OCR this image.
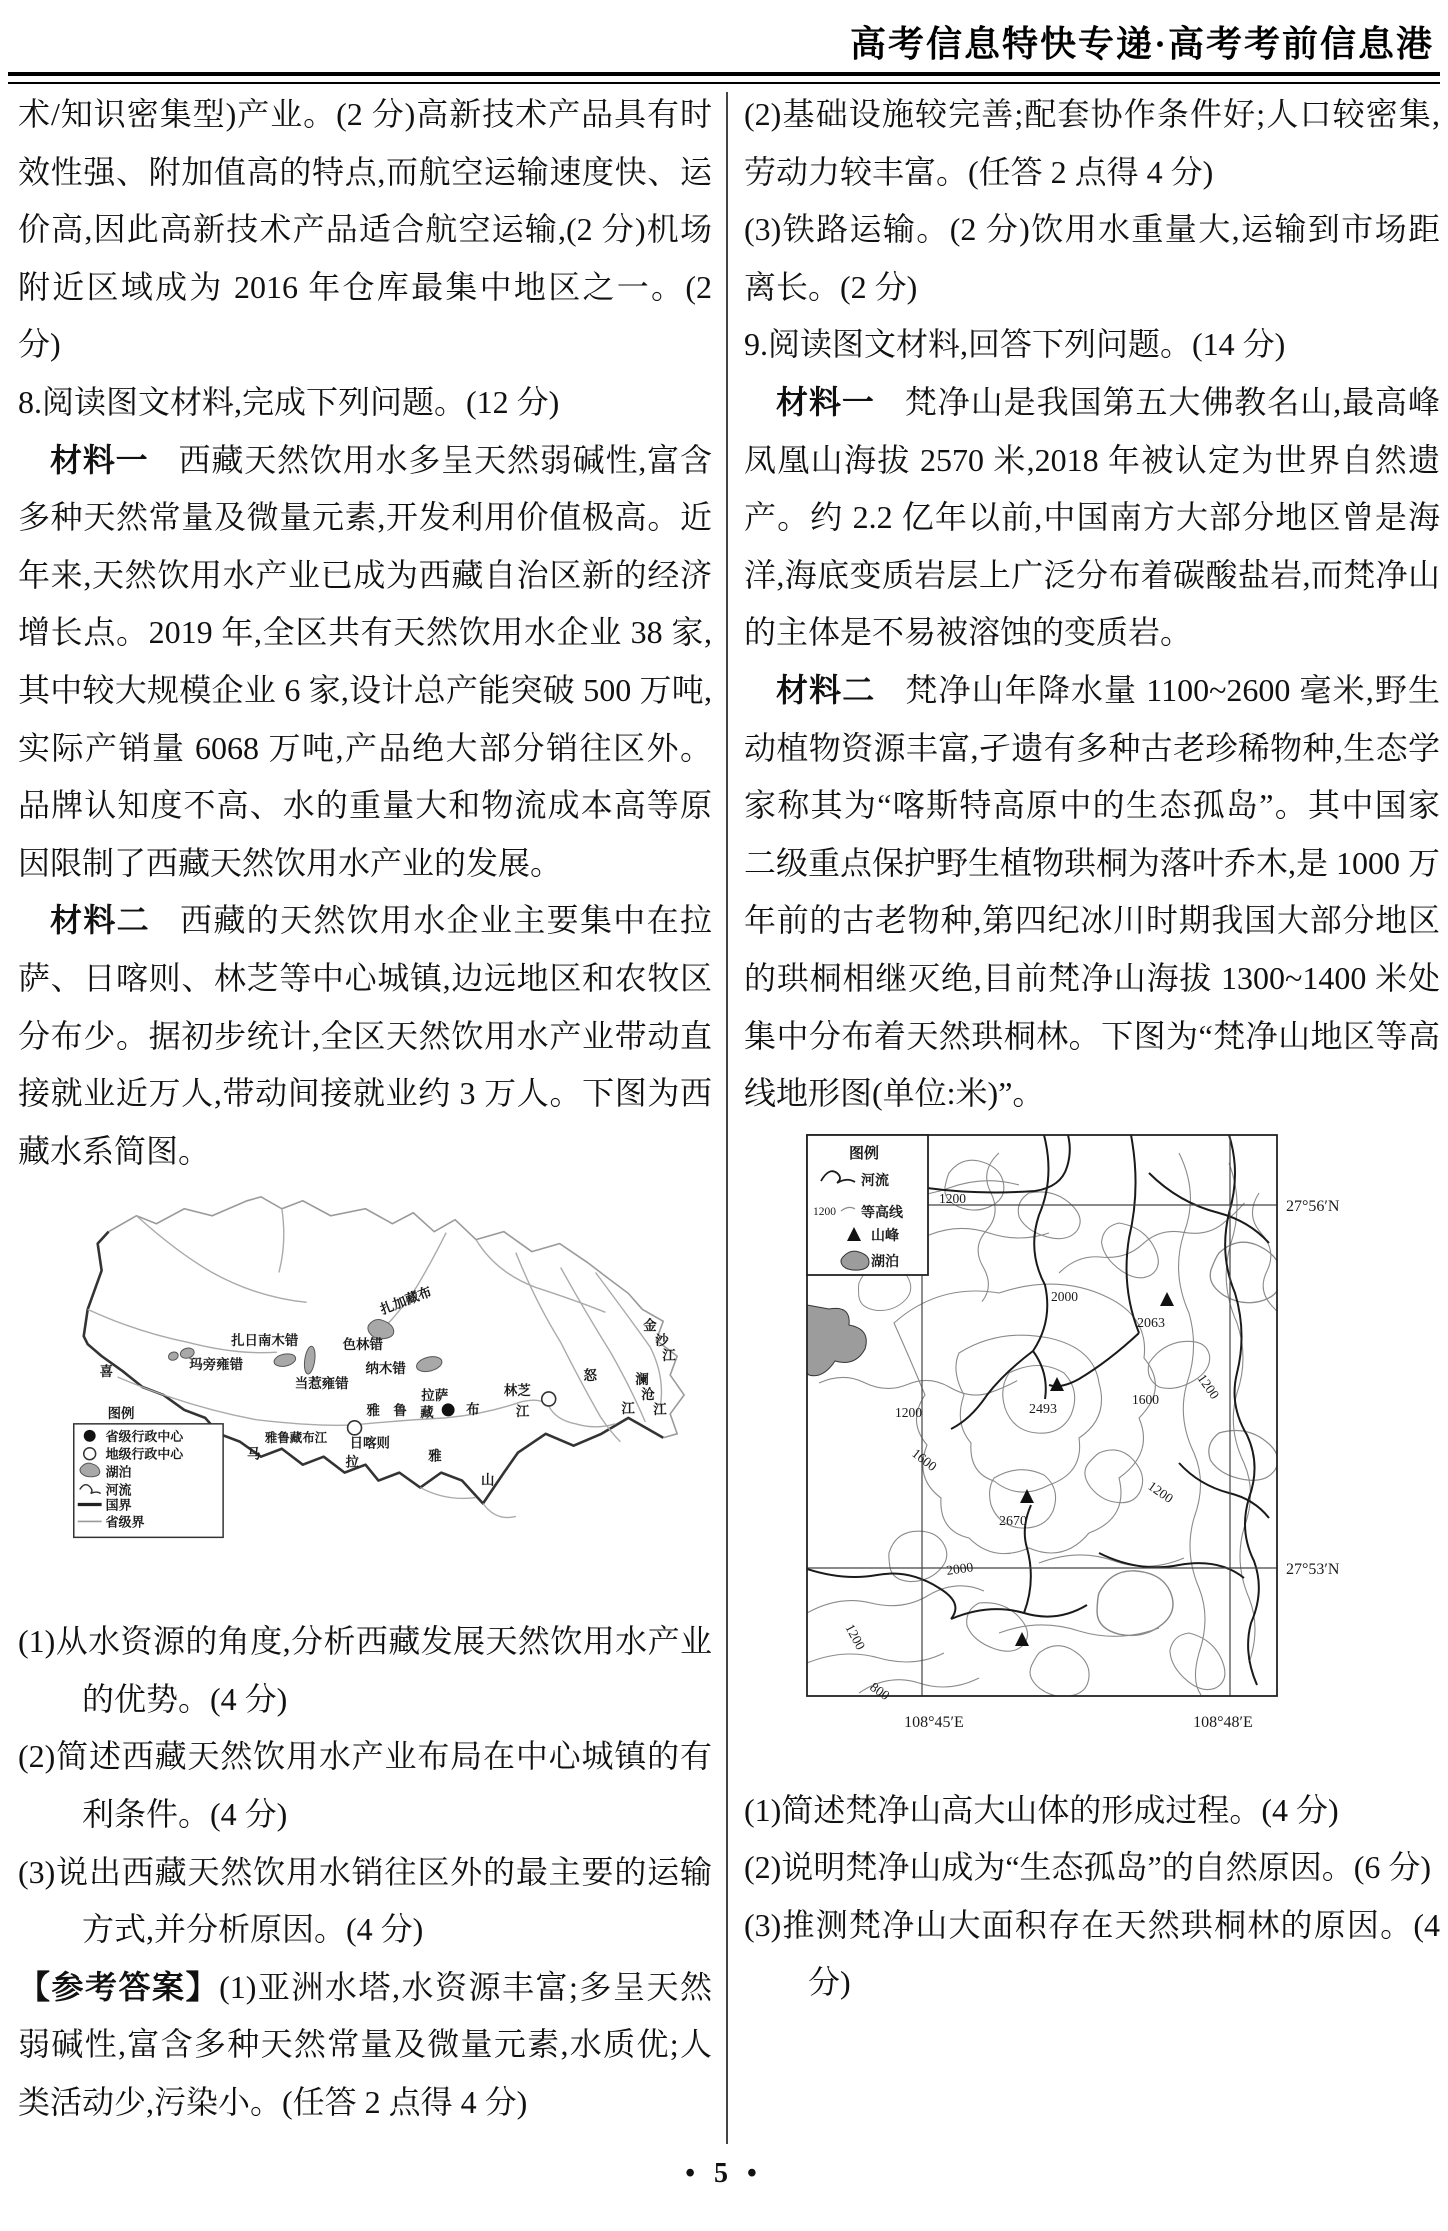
高考信息特快专递·高考考前信息港

术/知识密集型)产业。(2 分)高新技术产品具有时效性强、附加值高的特点,而航空运输速度快、运价高,因此高新技术产品适合航空运输,(2 分)机场附近区域成为 2016 年仓库最集中地区之一。(2 分)

8.阅读图文材料,完成下列问题。(12 分)

材料一 西藏天然饮用水多呈天然弱碱性,富含多种天然常量及微量元素,开发利用价值极高。近年来,天然饮用水产业已成为西藏自治区新的经济增长点。2019 年,全区共有天然饮用水企业 38 家,其中较大规模企业 6 家,设计总产能突破 500 万吨,实际产销量 6068 万吨,产品绝大部分销往区外。品牌认知度不高、水的重量大和物流成本高等原因限制了西藏天然饮用水产业的发展。

材料二 西藏的天然饮用水企业主要集中在拉萨、日喀则、林芝等中心城镇,边远地区和农牧区分布少。据初步统计,全区天然饮用水产业带动直接就业近万人,带动间接就业约 3 万人。下图为西藏水系简图。

扎加藏布
扎日南木错	色林错
玛旁雍错
当惹雍错
纳木错
拉萨	林芝
江
雅 鲁 藏 布
雅鲁藏布江 日喀则
拉
喜
马	雅
山
怒
江
金
沙
江
澜
沧
江
图例
省级行政中心
地级行政中心
湖泊
河流
国界
省级界

(1)从水资源的角度,分析西藏发展天然饮用水产业的优势。(4 分)

(2)简述西藏天然饮用水产业布局在中心城镇的有利条件。(4 分)

(3)说出西藏天然饮用水销往区外的最主要的运输方式,并分析原因。(4 分)

【参考答案】(1)亚洲水塔,水资源丰富;多呈天然弱碱性,富含多种天然常量及微量元素,水质优;人类活动少,污染小。(任答 2 点得 4 分)

(2)基础设施较完善;配套协作条件好;人口较密集,劳动力较丰富。(任答 2 点得 4 分)

(3)铁路运输。(2 分)饮用水重量大,运输到市场距离长。(2 分)

9.阅读图文材料,回答下列问题。(14 分)

材料一 梵净山是我国第五大佛教名山,最高峰凤凰山海拔 2570 米,2018 年被认定为世界自然遗产。约 2.2 亿年以前,中国南方大部分地区曾是海洋,海底变质岩层上广泛分布着碳酸盐岩,而梵净山的主体是不易被溶蚀的变质岩。

材料二 梵净山年降水量 1100~2600 毫米,野生动植物资源丰富,孑遗有多种古老珍稀物种,生态学家称其为“喀斯特高原中的生态孤岛”。其中国家二级重点保护野生植物珙桐为落叶乔木,是 1000 万年前的古老物种,第四纪冰川时期我国大部分地区的珙桐相继灭绝,目前梵净山海拔 1300~1400 米处集中分布着天然珙桐林。下图为“梵净山地区等高线地形图(单位:米)”。

图例
河流
1200 等高线
山峰
湖泊
2063
2493
2670
1200
2000
1600	1200
1200
1600
2000
1200
1200
800
27°56′N
27°53′N
108°45′E	108°48′E

(1)简述梵净山高大山体的形成过程。(4 分)

(2)说明梵净山成为“生态孤岛”的自然原因。(6 分)

(3)推测梵净山大面积存在天然珙桐林的原因。(4 分)

• 5 •
